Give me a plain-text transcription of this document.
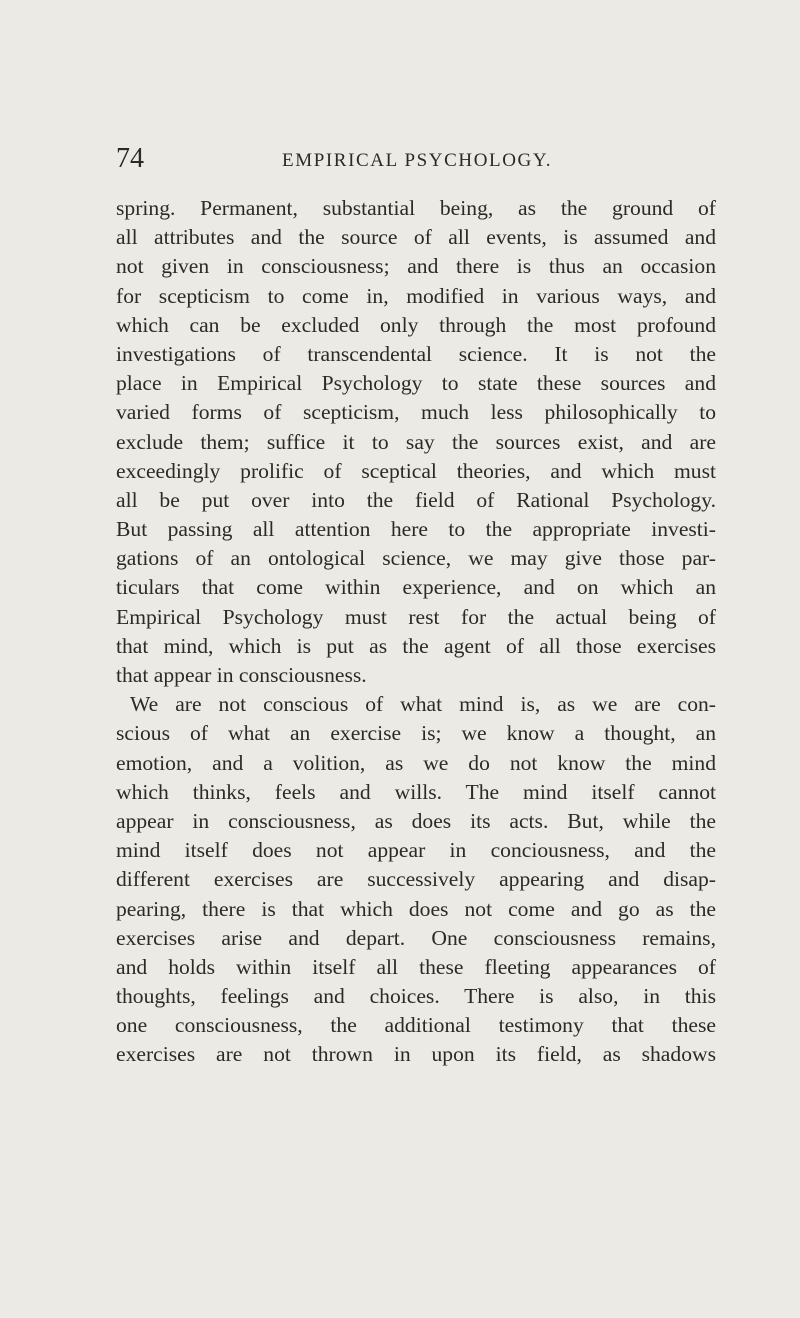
74	EMPIRICAL PSYCHOLOGY.
spring. Permanent, substantial being, as the ground of
all attributes and the source of all events, is assumed and
not given in consciousness; and there is thus an occasion
for scepticism to come in, modified in various ways, and
which can be excluded only through the most profound
investigations of transcendental science. It is not the
place in Empirical Psychology to state these sources and
varied forms of scepticism, much less philosophically to
exclude them; suffice it to say the sources exist, and are
exceedingly prolific of sceptical theories, and which must
all be put over into the field of Rational Psychology.
But passing all attention here to the appropriate investi-
gations of an ontological science, we may give those par-
ticulars that come within experience, and on which an
Empirical Psychology must rest for the actual being of
that mind, which is put as the agent of all those exercises
that appear in consciousness.
We are not conscious of what mind is, as we are con-
scious of what an exercise is; we know a thought, an
emotion, and a volition, as we do not know the mind
which thinks, feels and wills. The mind itself cannot
appear in consciousness, as does its acts. But, while the
mind itself does not appear in conciousness, and the
different exercises are successively appearing and disap-
pearing, there is that which does not come and go as the
exercises arise and depart. One consciousness remains,
and holds within itself all these fleeting appearances of
thoughts, feelings and choices. There is also, in this
one consciousness, the additional testimony that these
exercises are not thrown in upon its field, as shadows
